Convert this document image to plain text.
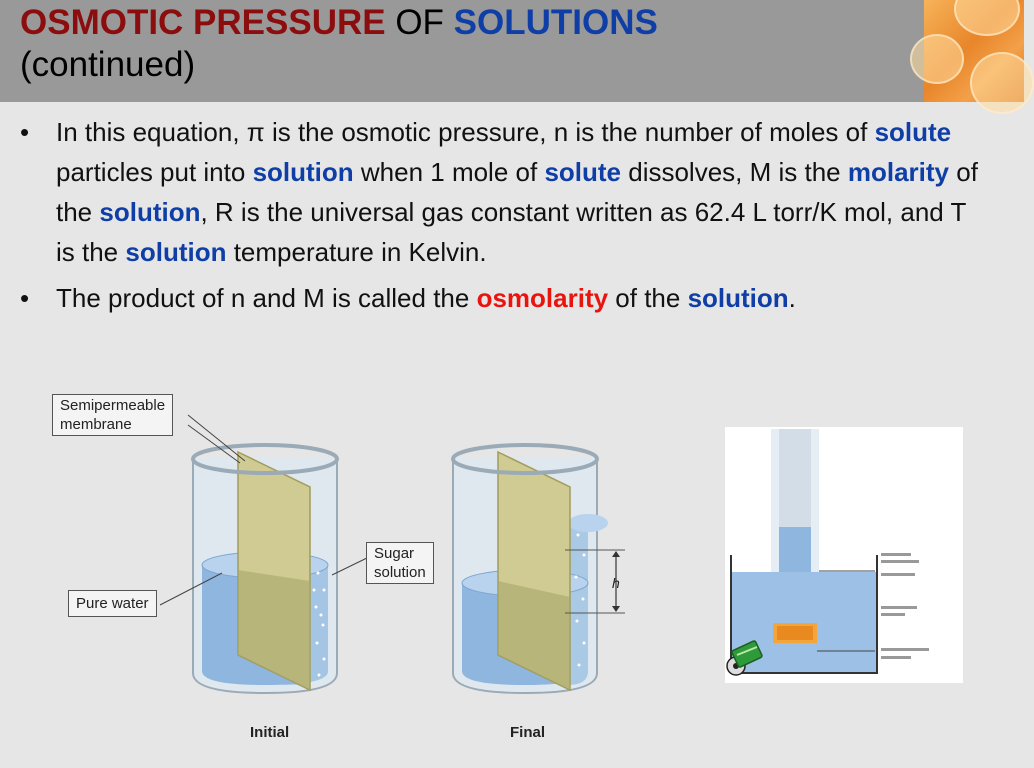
OSMOTIC PRESSURE OF SOLUTIONS
(continued)
• In this equation, π is the osmotic pressure, n is the number of moles of solute particles put into solution when 1 mole of solute dissolves, M is the molarity of the solution, R is the universal gas constant written as 62.4 L torr/K mol, and T is the solution temperature in Kelvin.
• The product of n and M is called the osmolarity of the solution.
h
Initial	Final
Semipermeable
membrane
Sugar
solution
Pure water
